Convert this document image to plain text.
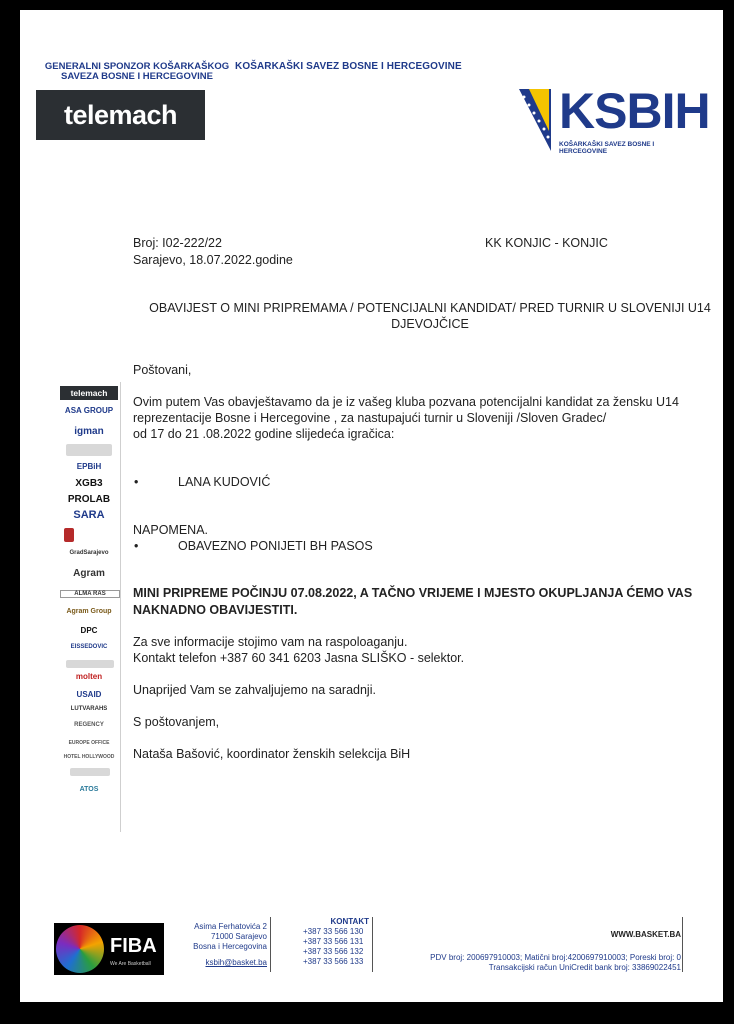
GENERALNI SPONZOR KOŠARKAŠKOG
SAVEZA BOSNE I HERCEGOVINE
KOŠARKAŠKI SAVEZ BOSNE I HERCEGOVINE
telemach	KSBIH
KOŠARKAŠKI SAVEZ BOSNE I HERCEGOVINE
Broj: I02-222/22
Sarajevo, 18.07.2022.godine
KK KONJIC - KONJIC
OBAVIJEST O MINI PRIPREMAMA / POTENCIJALNI KANDIDAT/ PRED TURNIR U SLOVENIJI U14
DJEVOJČICE
telemach
ASA GROUP
igman
EPBiH
XGB3
PROLAB
SARA
GradSarajevo
Agram
ALMA RAS
Agram Group
DPC
EISSEDOVIC
molten
USAID
LUTVARAHS
REGENCY
EUROPE OFFICE
HOTEL HOLLYWOOD
ATOS
Poštovani,
Ovim putem Vas obavještavamo da je iz vašeg kluba pozvana potencijalni kandidat za žensku U14
reprezentacije Bosne i Hercegovine , za nastupajući turnir u Sloveniji /Sloven Gradec/
od 17 do 21 .08.2022 godine slijedeća igračica:
•	LANA KUDOVIĆ
NAPOMENA.
•	OBAVEZNO PONIJETI BH PASOS
MINI PRIPREME POČINJU 07.08.2022, A TAČNO VRIJEME I MJESTO OKUPLJANJA ĆEMO VAS
NAKNADNO OBAVIJESTITI.
Za sve informacije stojimo vam na raspoloaganju.
Kontakt telefon +387 60 341 6203 Jasna SLIŠKO - selektor.
Unaprijed Vam se zahvaljujemo na saradnji.
S poštovanjem,
Nataša Bašović, koordinator ženskih selekcija BiH
FIBA
We Are Basketball
Asima Ferhatovića 2
71000 Sarajevo
Bosna i Hercegovina
ksbih@basket.ba
KONTAKT
+387 33 566 130
+387 33 566 131
+387 33 566 132
+387 33 566 133
WWW.BASKET.BA
PDV broj: 200697910003; Matični broj:4200697910003; Poreski broj: 0
Transakcijski račun UniCredit bank broj: 33869022451
